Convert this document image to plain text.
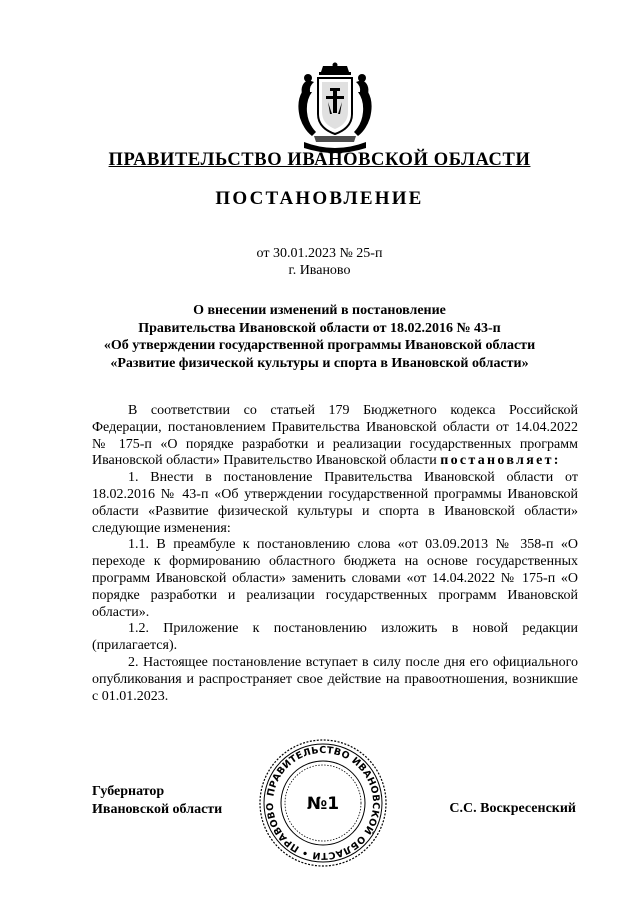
ПРАВИТЕЛЬСТВО ИВАНОВСКОЙ ОБЛАСТИ
ПОСТАНОВЛЕНИЕ
от 30.01.2023 № 25-п
г. Иваново
О внесении изменений в постановление
Правительства Ивановской области от 18.02.2016 № 43-п
«Об утверждении государственной программы Ивановской области
«Развитие физической культуры и спорта в Ивановской области»

В соответствии со статьей 179 Бюджетного кодекса Российской Федерации, постановлением Правительства Ивановской области от 14.04.2022 № 175-п «О порядке разработки и реализации государственных программ Ивановской области» Правительство Ивановской области постановляет:

1. Внести в постановление Правительства Ивановской области от 18.02.2016 № 43-п «Об утверждении государственной программы Ивановской области «Развитие физической культуры и спорта в Ивановской области» следующие изменения:

1.1. В преамбуле к постановлению слова «от 03.09.2013 № 358-п «О переходе к формированию областного бюджета на основе государственных программ Ивановской области» заменить словами «от 14.04.2022 № 175-п «О порядке разработки и реализации государственных программ Ивановской области».

1.2. Приложение к постановлению изложить в новой редакции (прилагается).

2. Настоящее постановление вступает в силу после дня его официального опубликования и распространяет свое действие на правоотношения, возникшие с 01.01.2023.

Губернатор
Ивановской области	С.С. Воскресенский
ПРАВИТЕЛЬСТВО ИВАНОВСКОЙ ОБЛАСТИ • ПРАВОВО	№1
